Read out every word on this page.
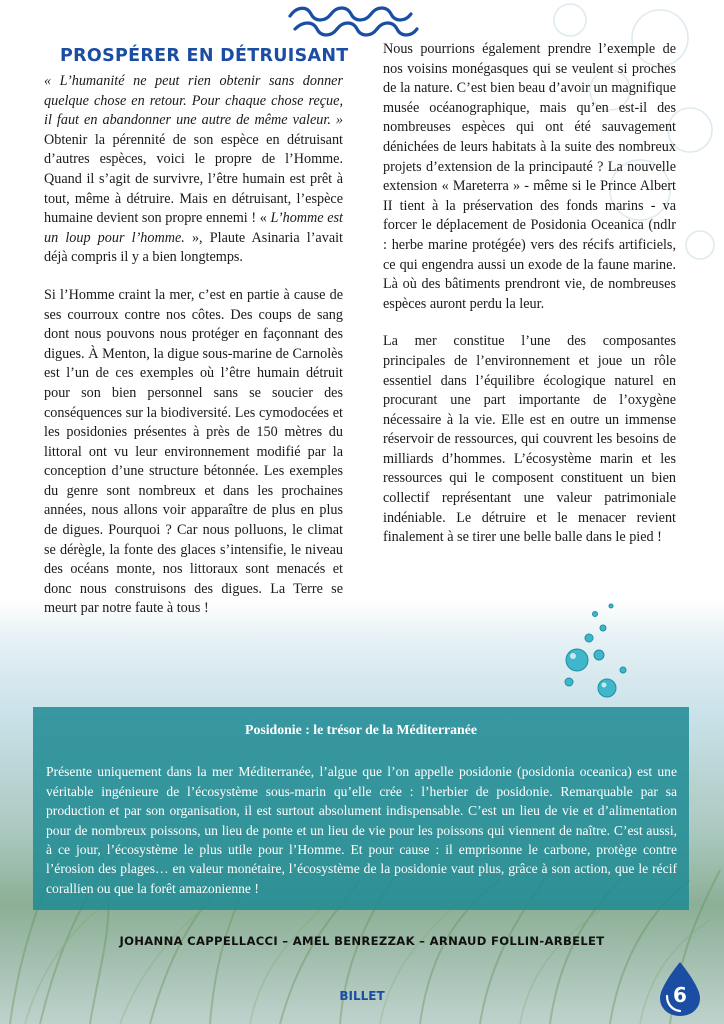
PROSPÉRER EN DÉTRUISANT

« L’humanité ne peut rien obtenir sans donner quelque chose en retour. Pour chaque chose reçue, il faut en abandonner une autre de même valeur. » Obtenir la pérennité de son espèce en détruisant d’autres espèces, voici le propre de l’Homme. Quand il s’agit de survivre, l’être humain est prêt à tout, même à détruire. Mais en détruisant, l’espèce humaine devient son propre ennemi ! « L’homme est un loup pour l’homme. », Plaute Asinaria l’avait déjà compris il y a bien longtemps.

Si l’Homme craint la mer, c’est en partie à cause de ses courroux contre nos côtes. Des coups de sang dont nous pouvons nous protéger en façonnant des digues. À Menton, la digue sous-marine de Carnolès est l’un de ces exemples où l’être humain détruit pour son bien personnel sans se soucier des conséquences sur la biodiversité. Les cymodocées et les posidonies présentes à près de 150 mètres du littoral ont vu leur environnement modifié par la conception d’une structure bétonnée. Les exemples du genre sont nombreux et dans les prochaines années, nous allons voir apparaître de plus en plus de digues. Pourquoi ? Car nous polluons, le climat se dérègle, la fonte des glaces s’intensifie, le niveau des océans monte, nos littoraux sont menacés et donc nous construisons des digues. La Terre se meurt par notre faute à tous !

Nous pourrions également prendre l’exemple de nos voisins monégasques qui se veulent si proches de la nature. C’est bien beau d’avoir un magnifique musée océanographique, mais qu’en est-il des nombreuses espèces qui ont été sauvagement dénichées de leurs habitats à la suite des nombreux projets d’extension de la principauté ? La nouvelle extension « Mareterra » - même si le Prince Albert II tient à la préservation des fonds marins - va forcer le déplacement de Posidonia Oceanica (ndlr : herbe marine protégée) vers des récifs artificiels, ce qui engendra aussi un exode de la faune marine. Là où des bâtiments prendront vie, de nombreuses espèces auront perdu la leur.

La mer constitue l’une des composantes principales de l’environnement et joue un rôle essentiel dans l’équilibre écologique naturel en procurant une part importante de l’oxygène nécessaire à la vie. Elle est en outre un immense réservoir de ressources, qui couvrent les besoins de milliards d’hommes. L’écosystème marin et les ressources qui le composent constituent un bien collectif représentant une valeur patrimoniale indéniable. Le détruire et le menacer revient finalement à se tirer une belle balle dans le pied !

Posidonie : le trésor de la Méditerranée
Présente uniquement dans la mer Méditerranée, l’algue que l’on appelle posidonie (posidonia oceanica) est une véritable ingénieure de l’écosystème sous-marin qu’elle crée : l’herbier de posidonie. Remarquable par sa production et par son organisation, il est surtout absolument indispensable. C’est un lieu de vie et d’alimentation pour de nombreux poissons, un lieu de ponte et un lieu de vie pour les poissons qui viennent de naître. C’est aussi, à ce jour, l’écosystème le plus utile pour l’Homme. Et pour cause : il emprisonne le carbone, protège contre l’érosion des plages… en valeur monétaire, l’écosystème de la posidonie vaut plus, grâce à son action, que le récif corallien ou que la forêt amazonienne !
JOHANNA CAPPELLACCI – AMEL BENREZZAK – ARNAUD FOLLIN-ARBELET
BILLET	6
